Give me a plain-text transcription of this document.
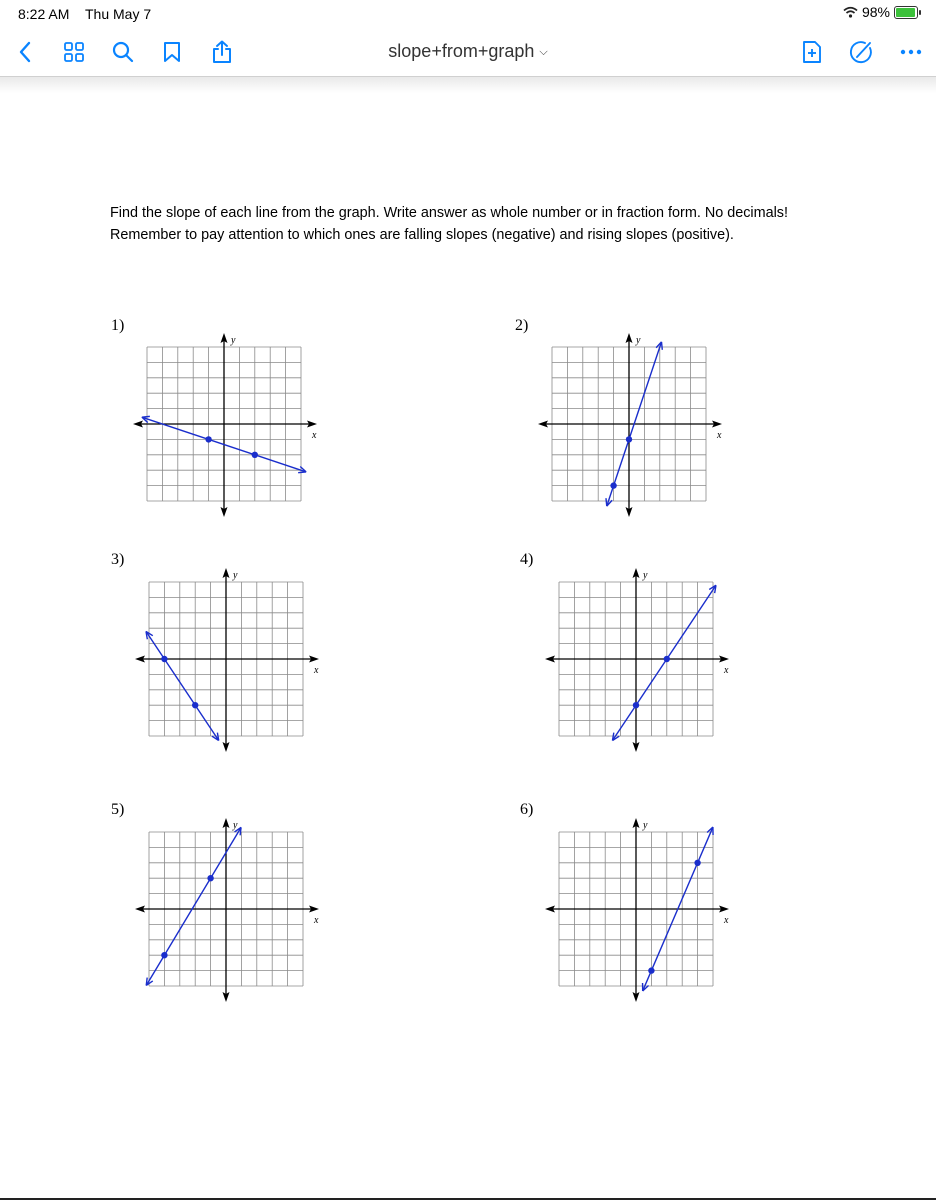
8:22 AM Thu May 7	98%
slope+from+graph ⌵
Find the slope of each line from the graph. Write answer as whole number or in fraction form. No decimals! Remember to pay attention to which ones are falling slopes (negative) and rising slopes (positive).
1)	2)
3)	4)
5)	6)
x
y
x
y
x
y
x
y
x
y
x
y
